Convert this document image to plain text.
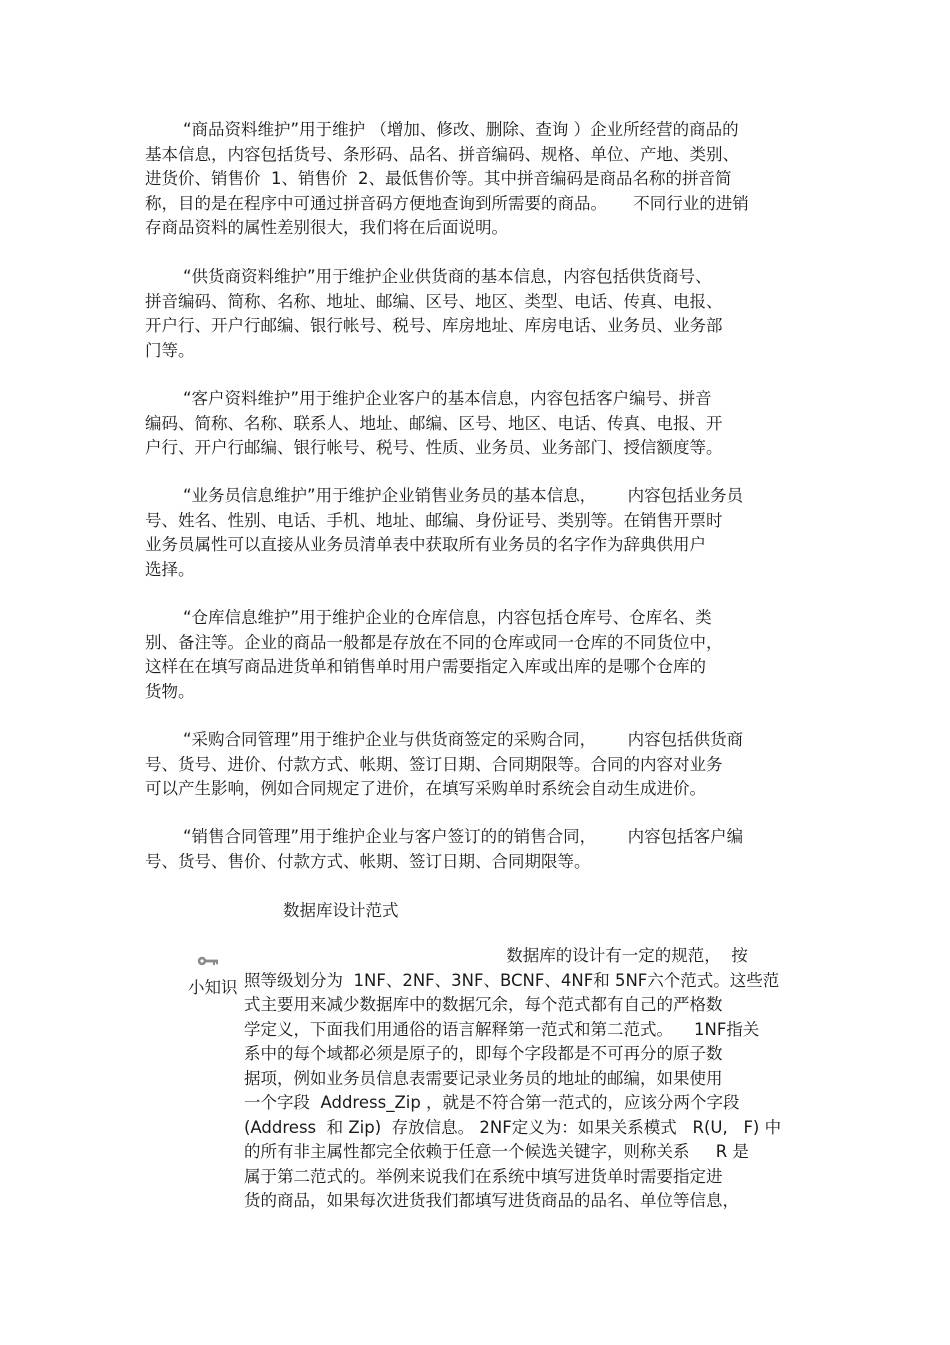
“商品资料维护”用于维护 （增加、修改、删除、查询 ）企业所经营的商品的
基本信息，内容包括货号、条形码、品名、拼音编码、规格、单位、产地、类别、
进货价、销售价  1、销售价  2、最低售价等。其中拼音编码是商品名称的拼音简
称，目的是在程序中可通过拼音码方便地查询到所需要的商品。     不同行业的进销
存商品资料的属性差别很大，我们将在后面说明。
“供货商资料维护”用于维护企业供货商的基本信息，内容包括供货商号、
拼音编码、简称、名称、地址、邮编、区号、地区、类型、电话、传真、电报、
开户行、开户行邮编、银行帐号、税号、库房地址、库房电话、业务员、业务部
门等。
“客户资料维护”用于维护企业客户的基本信息，内容包括客户编号、拼音
编码、简称、名称、联系人、地址、邮编、区号、地区、电话、传真、电报、开
户行、开户行邮编、银行帐号、税号、性质、业务员、业务部门、授信额度等。
“业务员信息维护”用于维护企业销售业务员的基本信息，      内容包括业务员
号、姓名、性别、电话、手机、地址、邮编、身份证号、类别等。在销售开票时
业务员属性可以直接从业务员清单表中获取所有业务员的名字作为辞典供用户
选择。
“仓库信息维护”用于维护企业的仓库信息，内容包括仓库号、仓库名、类
别、备注等。企业的商品一般都是存放在不同的仓库或同一仓库的不同货位中，
这样在在填写商品进货单和销售单时用户需要指定入库或出库的是哪个仓库的
货物。
“采购合同管理”用于维护企业与供货商签定的采购合同，      内容包括供货商
号、货号、进价、付款方式、帐期、签订日期、合同期限等。合同的内容对业务
可以产生影响，例如合同规定了进价，在填写采购单时系统会自动生成进价。
“销售合同管理”用于维护企业与客户签订的的销售合同，      内容包括客户编
号、货号、售价、付款方式、帐期、签订日期、合同期限等。

小知识

数据库设计范式

数据库的设计有一定的规范，  按
照等级划分为  1NF、2NF、3NF、BCNF、4NF和 5NF六个范式。这些范
式主要用来减少数据库中的数据冗余，每个范式都有自己的严格数
学定义，下面我们用通俗的语言解释第一范式和第二范式。    1NF指关
系中的每个域都必须是原子的，即每个字段都是不可再分的原子数
据项，例如业务员信息表需要记录业务员的地址的邮编，如果使用
一个字段  Address_Zip ，就是不符合第一范式的，应该分两个字段
(Address  和 Zip)  存放信息。 2NF定义为：如果关系模式   R(U,   F) 中
的所有非主属性都完全依赖于任意一个候选关键字，则称关系     R 是
属于第二范式的。举例来说我们在系统中填写进货单时需要指定进
货的商品，如果每次进货我们都填写进货商品的品名、单位等信息，
